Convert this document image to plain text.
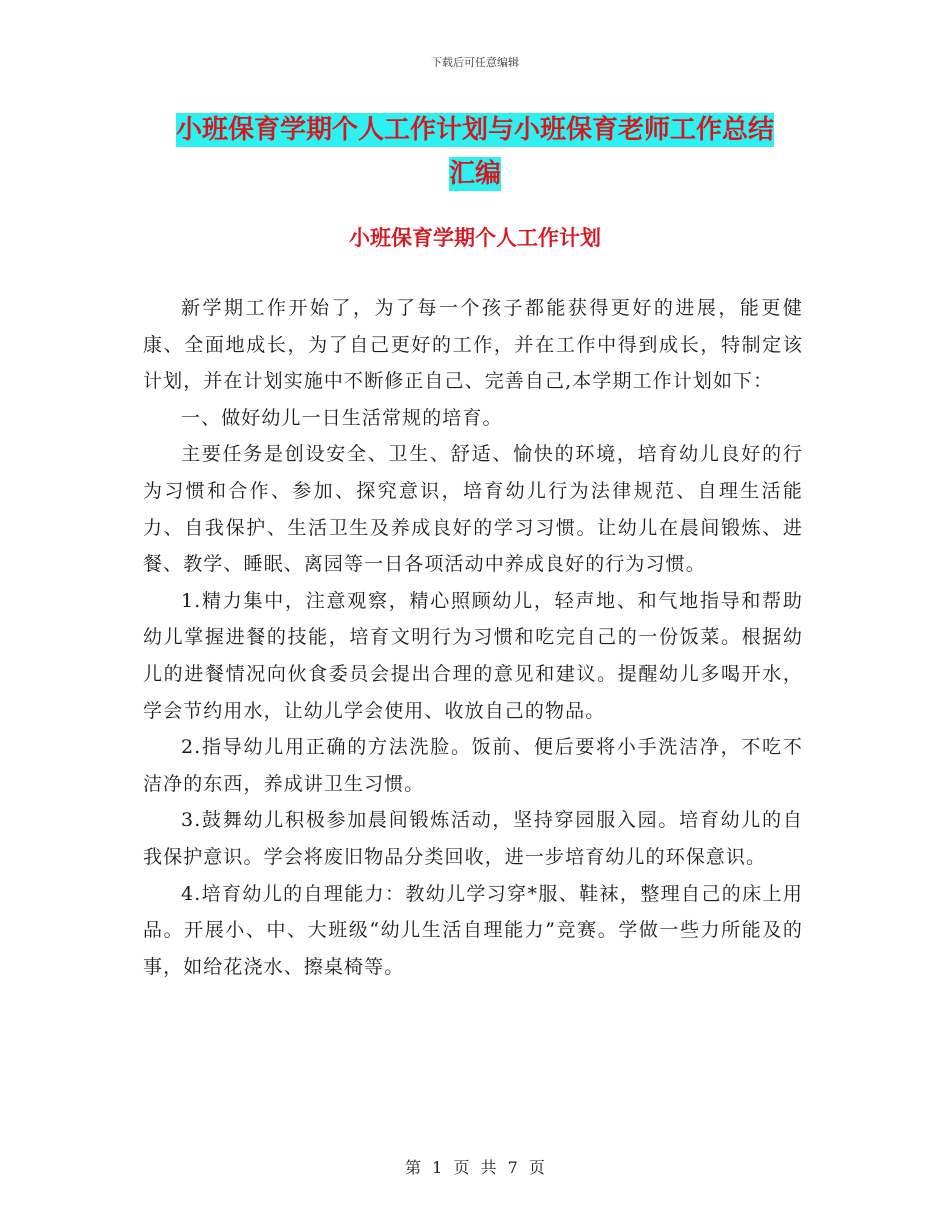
下载后可任意编辑
小班保育学期个人工作计划与小班保育老师工作总结
汇编
小班保育学期个人工作计划

新学期工作开始了，为了每一个孩子都能获得更好的进展，能更健康、全面地成长，为了自己更好的工作，并在工作中得到成长，特制定该计划，并在计划实施中不断修正自己、完善自己,本学期工作计划如下：

一、做好幼儿一日生活常规的培育。

主要任务是创设安全、卫生、舒适、愉快的环境，培育幼儿良好的行为习惯和合作、参加、探究意识，培育幼儿行为法律规范、自理生活能力、自我保护、生活卫生及养成良好的学习习惯。让幼儿在晨间锻炼、进餐、教学、睡眠、离园等一日各项活动中养成良好的行为习惯。

1.精力集中，注意观察，精心照顾幼儿，轻声地、和气地指导和帮助幼儿掌握进餐的技能，培育文明行为习惯和吃完自己的一份饭菜。根据幼儿的进餐情况向伙食委员会提出合理的意见和建议。提醒幼儿多喝开水，学会节约用水，让幼儿学会使用、收放自己的物品。

2.指导幼儿用正确的方法洗脸。饭前、便后要将小手洗洁净，不吃不洁净的东西，养成讲卫生习惯。

3.鼓舞幼儿积极参加晨间锻炼活动，坚持穿园服入园。培育幼儿的自我保护意识。学会将废旧物品分类回收，进一步培育幼儿的环保意识。

4.培育幼儿的自理能力：教幼儿学习穿*服、鞋袜，整理自己的床上用品。开展小、中、大班级“幼儿生活自理能力”竞赛。学做一些力所能及的事，如给花浇水、擦桌椅等。

第 1 页 共 7 页
